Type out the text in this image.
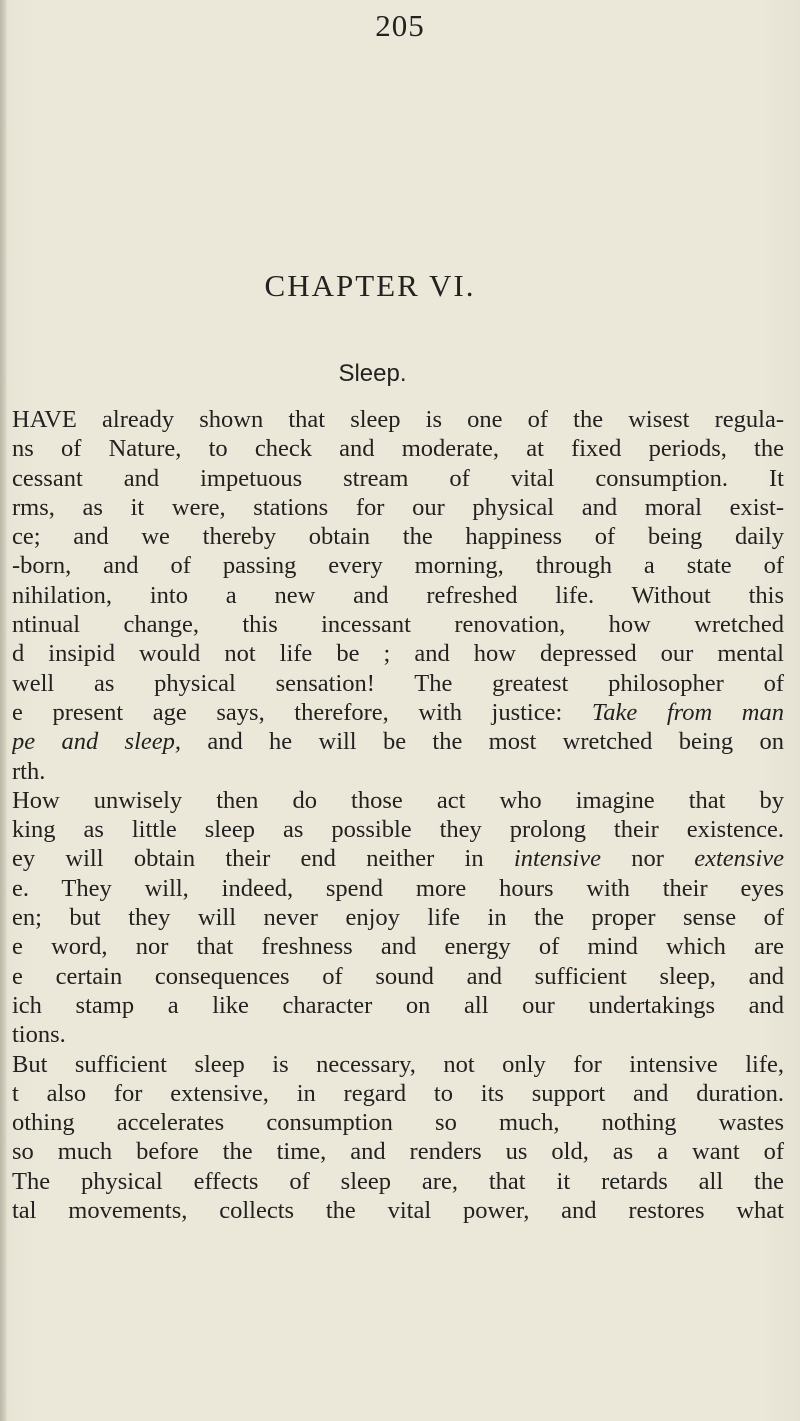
205
CHAPTER VI.
Sleep.
HAVE already shown that sleep is one of the wisest regula-
ns of Nature, to check and moderate, at fixed periods, the
cessant and impetuous stream of vital consumption. It
rms, as it were, stations for our physical and moral exist-
ce; and we thereby obtain the happiness of being daily
-born, and of passing every morning, through a state of
nihilation, into a new and refreshed life. Without this
ntinual change, this incessant renovation, how wretched
d insipid would not life be ; and how depressed our mental
well as physical sensation! The greatest philosopher of
e present age says, therefore, with justice: Take from man
pe and sleep, and he will be the most wretched being on
rth.
How unwisely then do those act who imagine that by
king as little sleep as possible they prolong their existence.
ey will obtain their end neither in intensive nor extensive
e. They will, indeed, spend more hours with their eyes
en; but they will never enjoy life in the proper sense of
e word, nor that freshness and energy of mind which are
e certain consequences of sound and sufficient sleep, and
ich stamp a like character on all our undertakings and
tions.
But sufficient sleep is necessary, not only for intensive life,
t also for extensive, in regard to its support and duration.
othing accelerates consumption so much, nothing wastes
so much before the time, and renders us old, as a want of
The physical effects of sleep are, that it retards all the
tal movements, collects the vital power, and restores what
